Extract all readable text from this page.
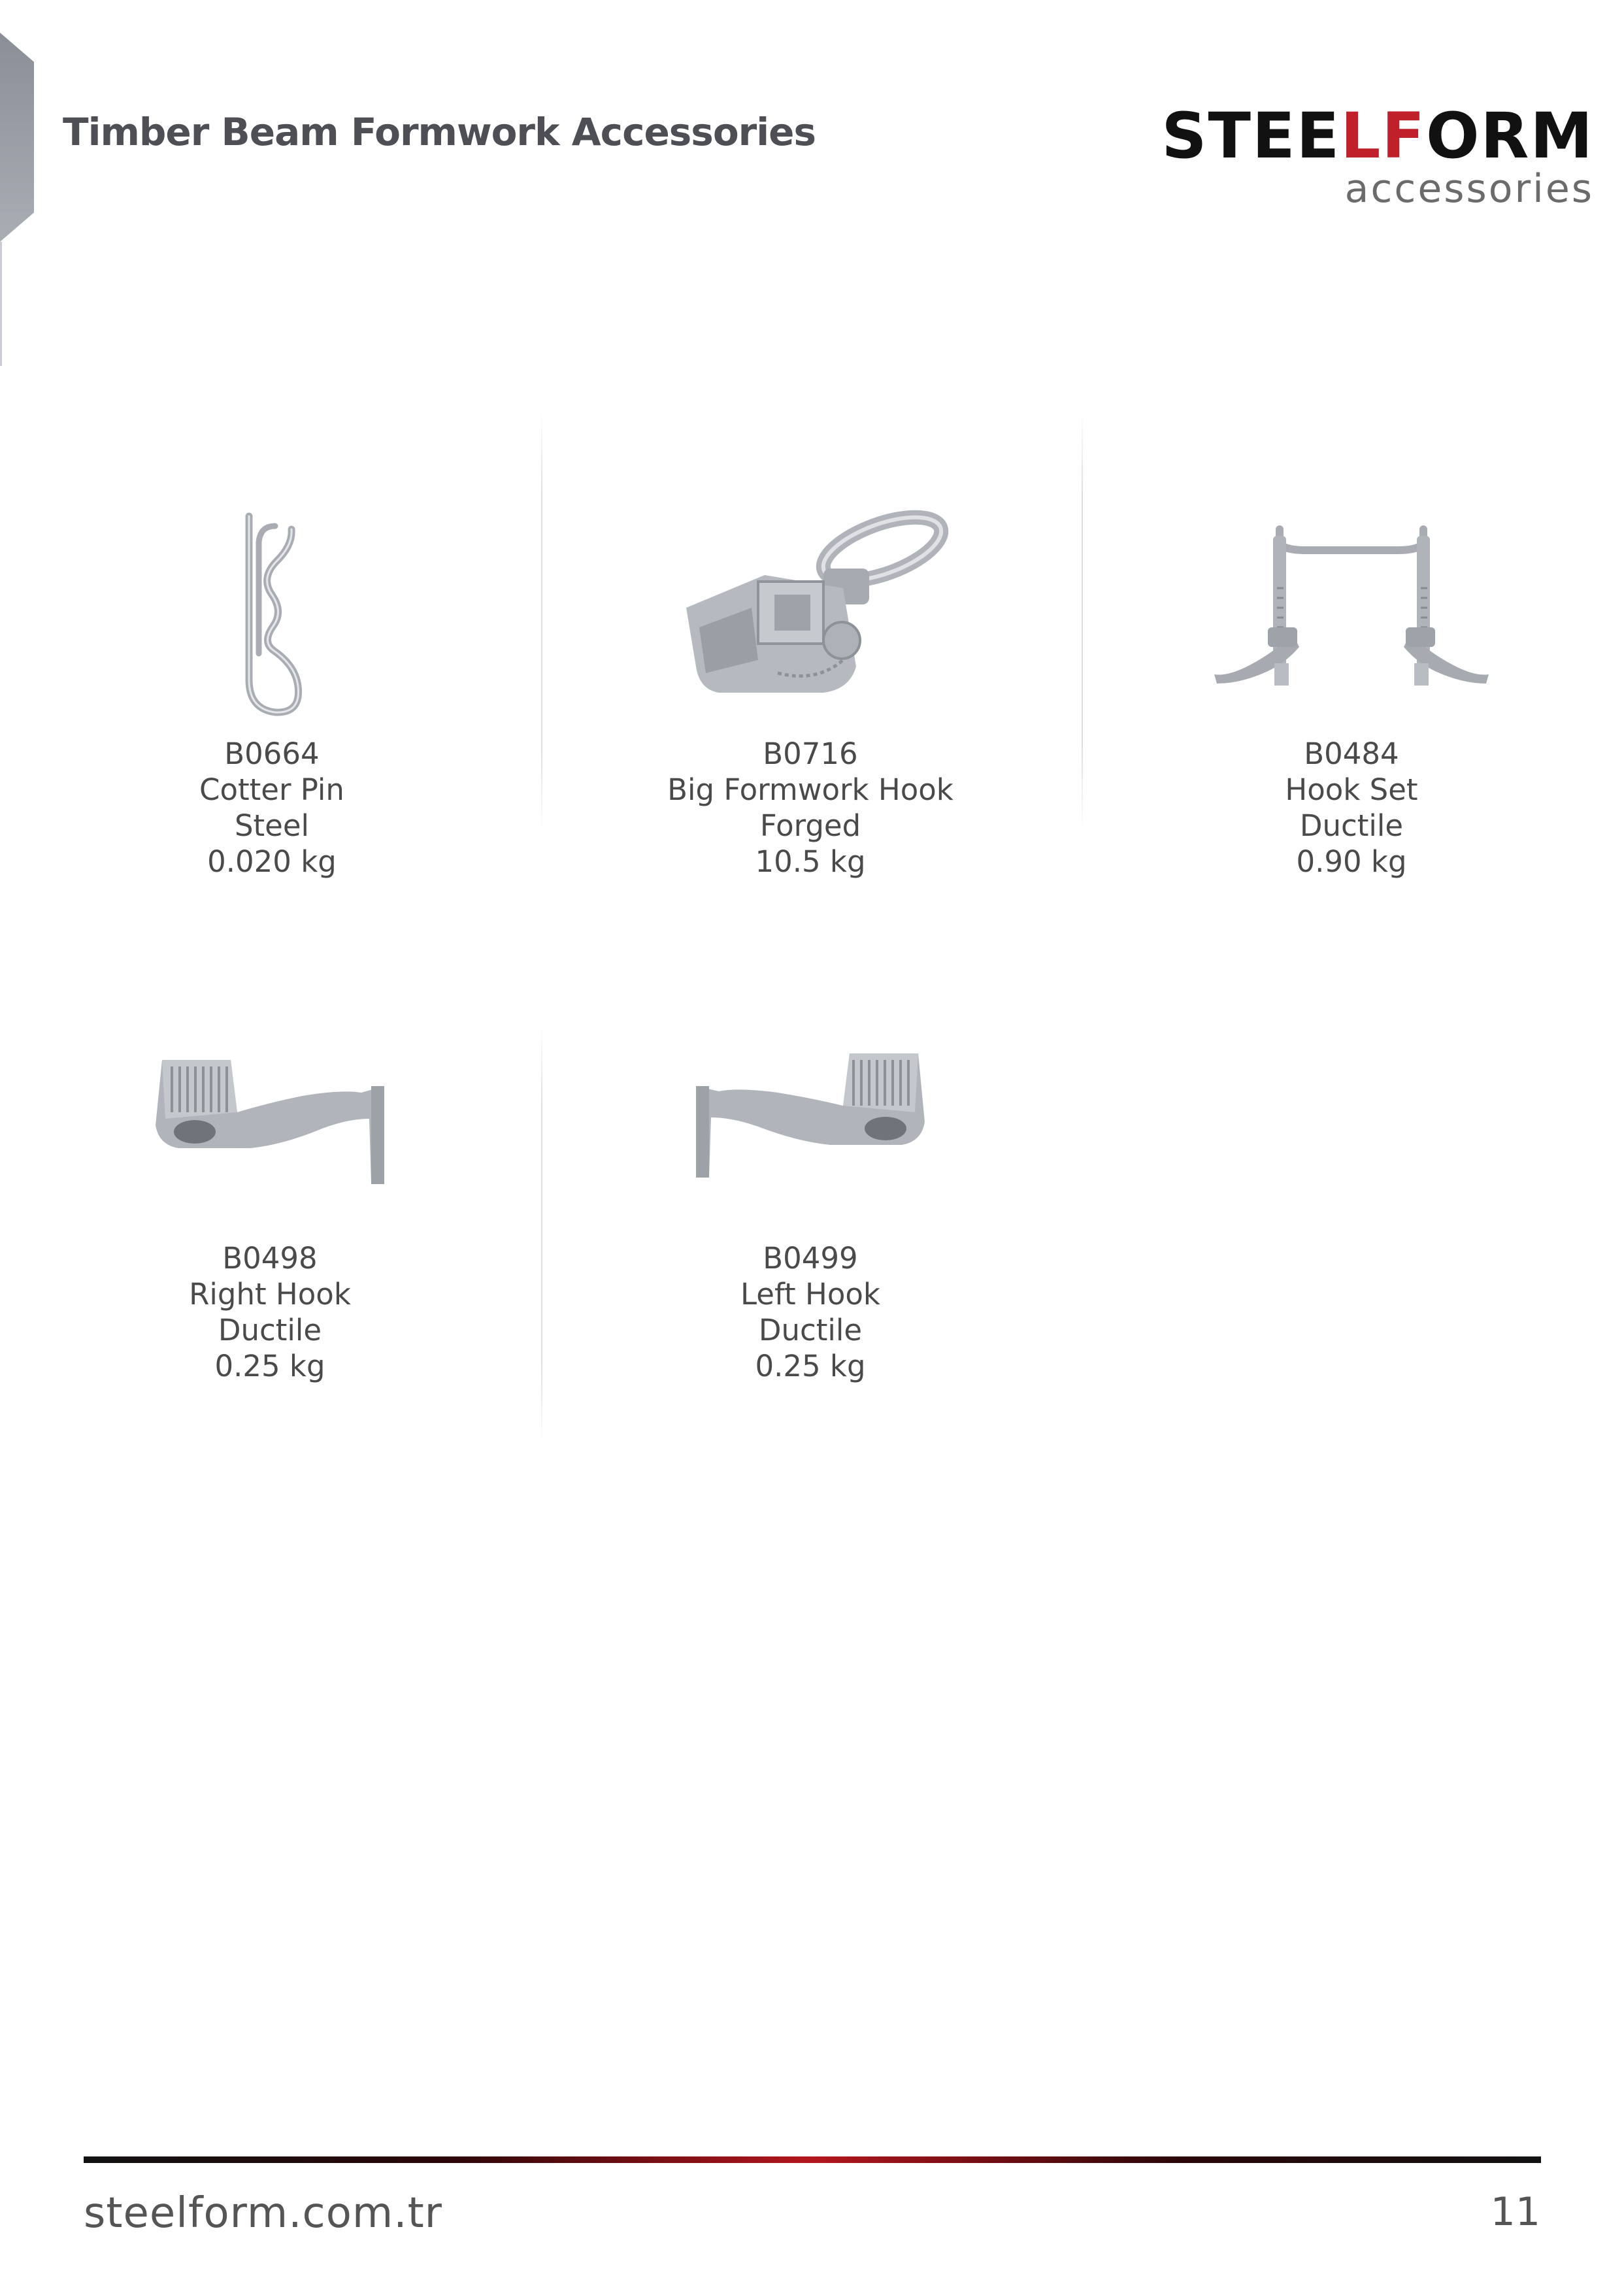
Timber Beam Formwork Accessories	STEELFORM
accessories
B0664
Cotter Pin
Steel
0.020 kg
B0716
Big Formwork Hook
Forged
10.5 kg
B0484
Hook Set
Ductile
0.90 kg
B0498
Right Hook
Ductile
0.25 kg
B0499
Left Hook
Ductile
0.25 kg
steelform.com.tr	11
